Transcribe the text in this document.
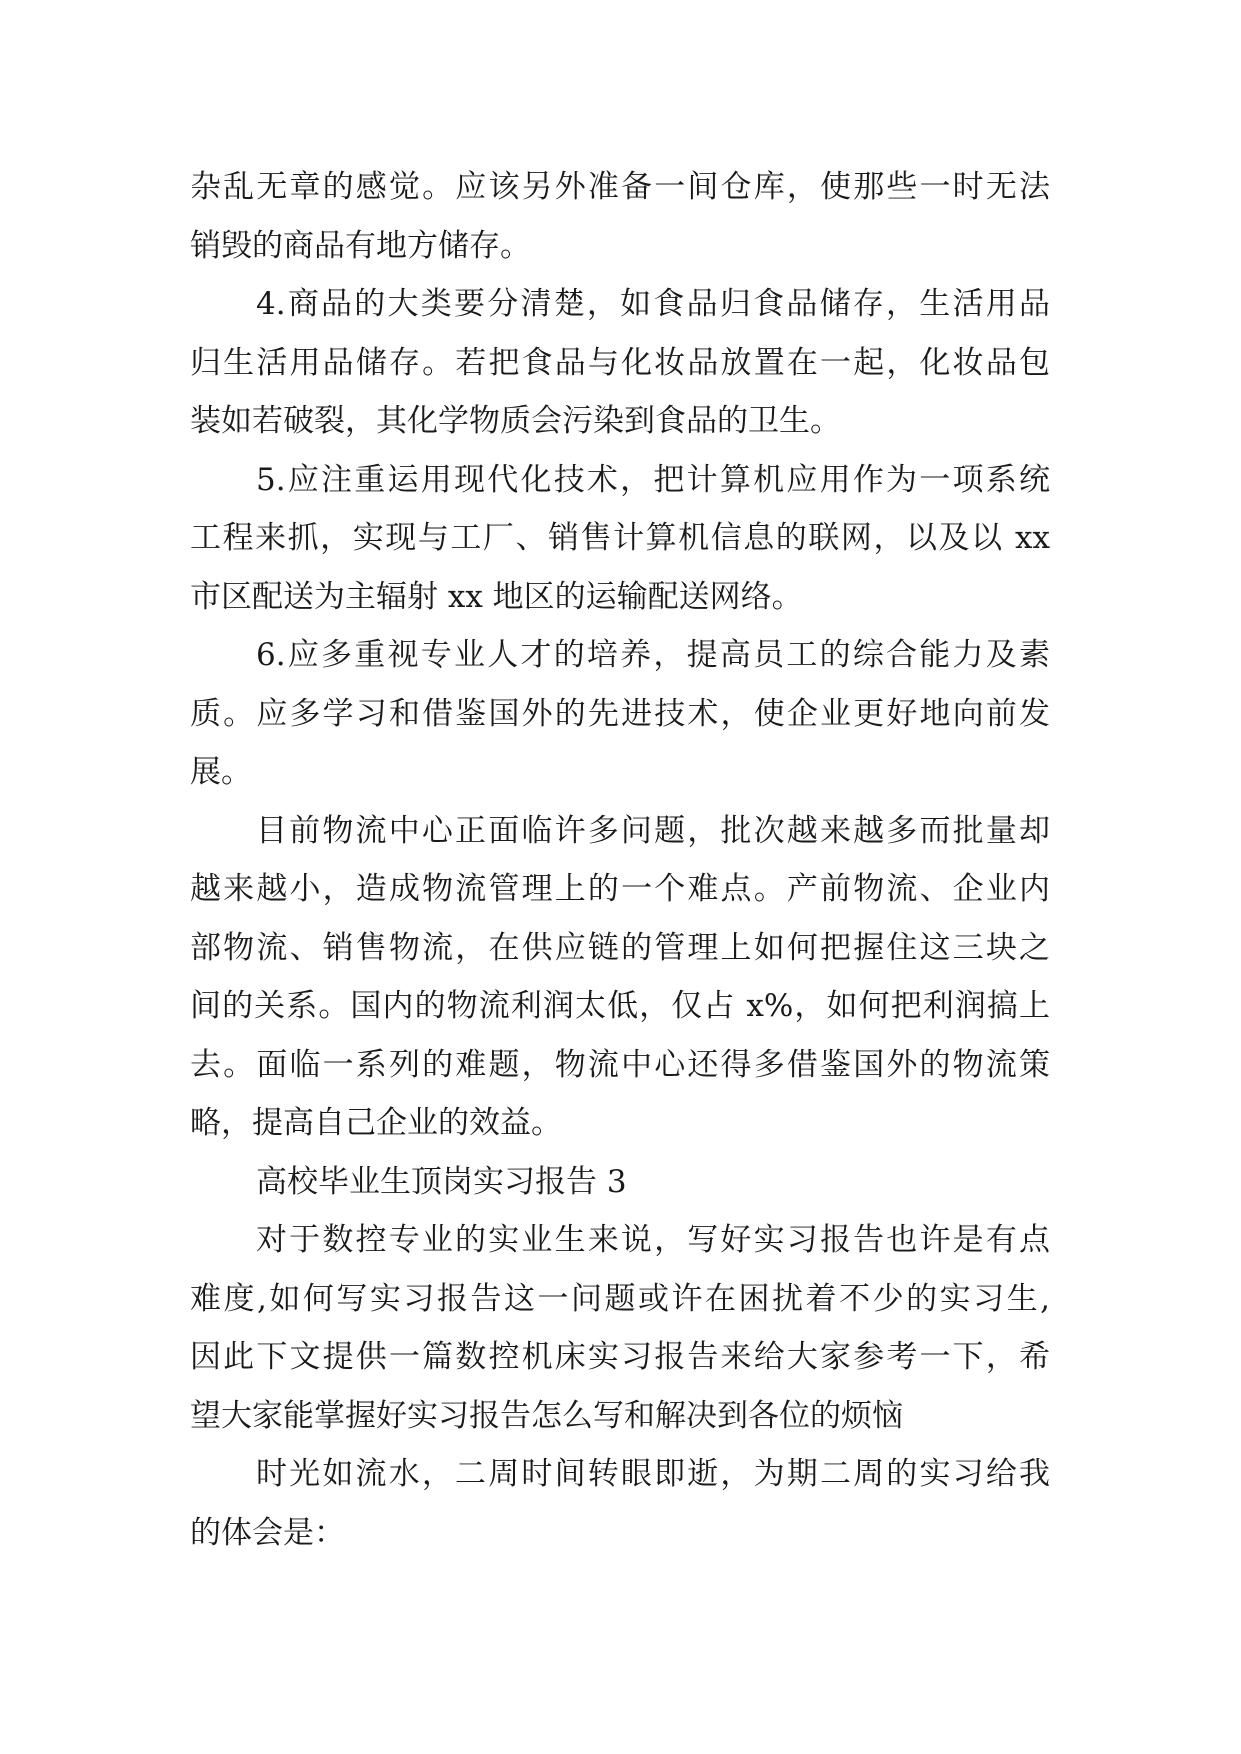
杂乱无章的感觉。应该另外准备一间仓库，使那些一时无法
销毁的商品有地方储存。
4.商品的大类要分清楚，如食品归食品储存，生活用品
归生活用品储存。若把食品与化妆品放置在一起，化妆品包
装如若破裂，其化学物质会污染到食品的卫生。
5.应注重运用现代化技术，把计算机应用作为一项系统
工程来抓，实现与工厂、销售计算机信息的联网，以及以 xx
市区配送为主辐射 xx 地区的运输配送网络。
6.应多重视专业人才的培养，提高员工的综合能力及素
质。应多学习和借鉴国外的先进技术，使企业更好地向前发
展。
目前物流中心正面临许多问题，批次越来越多而批量却
越来越小，造成物流管理上的一个难点。产前物流、企业内
部物流、销售物流，在供应链的管理上如何把握住这三块之
间的关系。国内的物流利润太低，仅占 x%，如何把利润搞上
去。面临一系列的难题，物流中心还得多借鉴国外的物流策
略，提高自己企业的效益。
高校毕业生顶岗实习报告 3
对于数控专业的实业生来说，写好实习报告也许是有点
难度,如何写实习报告这一问题或许在困扰着不少的实习生,
因此下文提供一篇数控机床实习报告来给大家参考一下，希
望大家能掌握好实习报告怎么写和解决到各位的烦恼
时光如流水，二周时间转眼即逝，为期二周的实习给我
的体会是：
